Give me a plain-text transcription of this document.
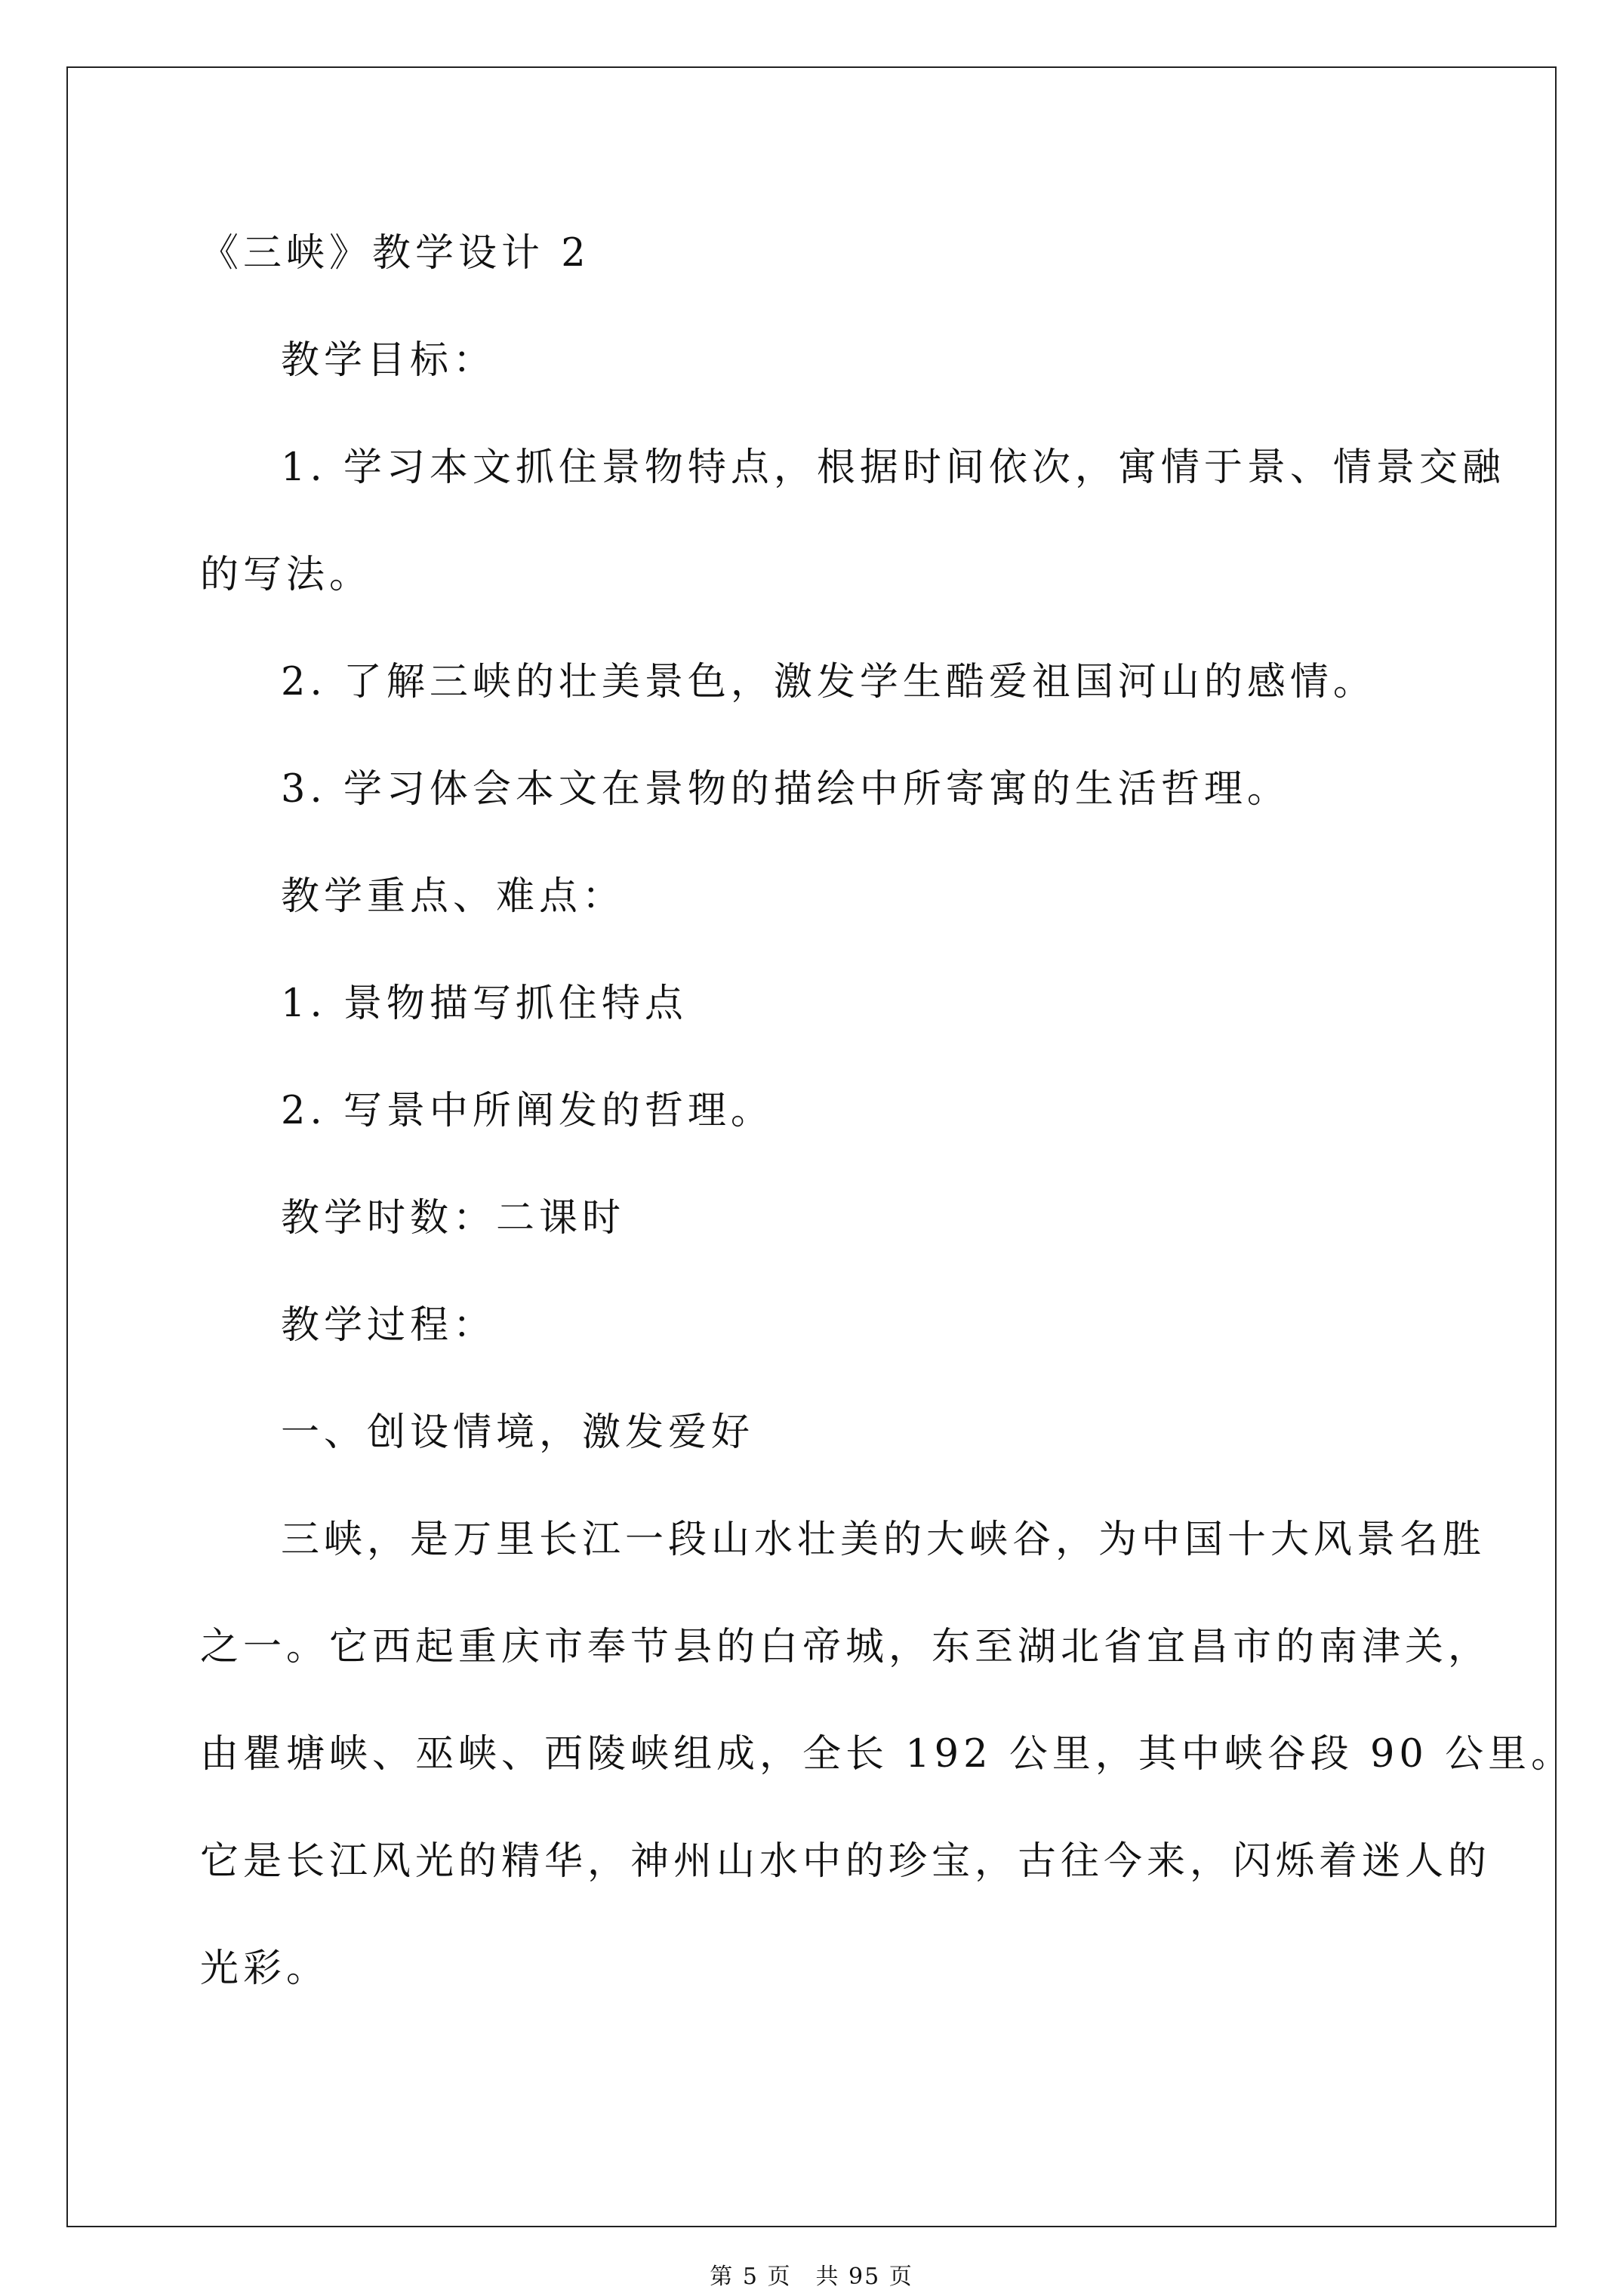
《三峡》教学设计 2

教学目标：

1. 学习本文抓住景物特点，根据时间依次，寓情于景、情景交融

的写法。

2. 了解三峡的壮美景色，激发学生酷爱祖国河山的感情。

3. 学习体会本文在景物的描绘中所寄寓的生活哲理。

教学重点、难点：

1. 景物描写抓住特点

2. 写景中所阐发的哲理。

教学时数：二课时

教学过程：

一、创设情境，激发爱好

三峡，是万里长江一段山水壮美的大峡谷，为中国十大风景名胜

之一。它西起重庆市奉节县的白帝城，东至湖北省宜昌市的南津关，

由瞿塘峡、巫峡、西陵峡组成，全长 192 公里，其中峡谷段 90 公里。

它是长江风光的精华，神州山水中的珍宝，古往今来，闪烁着迷人的

光彩。

第 5 页　共 95 页
